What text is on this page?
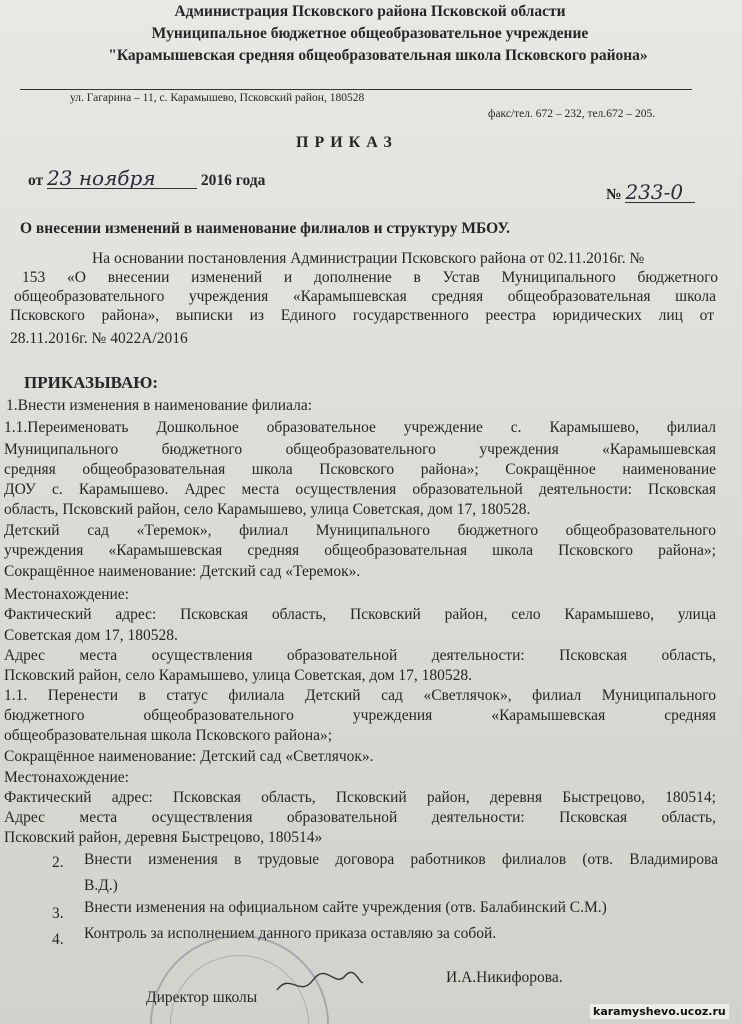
Администрация Псковского района Псковской области
Муниципальное бюджетное общеобразовательное учреждение
"Карамышевская средняя общеобразовательная школа Псковского района»
ул. Гагарина – 11, с. Карамышево, Псковский район, 180528
факс/тел. 672 – 232, тел.672 – 205.
ПРИКАЗ
от 23 ноября	2016 года
№ 233-0
О внесении изменений в наименование филиалов и структуру МБОУ.
На основании постановления Администрации Псковского района от 02.11.2016г. №
153 «О внесении изменений и дополнение в Устав Муниципального бюджетного
общеобразовательного учреждения «Карамышевская средняя общеобразовательная школа
Псковского района», выписки из Единого государственного реестра юридических лиц от
28.11.2016г. № 4022А/2016
ПРИКАЗЫВАЮ:
1.Внести изменения в наименование филиала:
1.1.Переименовать Дошкольное образовательное учреждение с. Карамышево, филиал
Муниципального бюджетного общеобразовательного учреждения «Карамышевская
средняя общеобразовательная школа Псковского района»; Сокращённое наименование
ДОУ с. Карамышево. Адрес места осуществления образовательной деятельности: Псковская
область, Псковский район, село Карамышево, улица Советская, дом 17, 180528.
Детский сад «Теремок», филиал Муниципального бюджетного общеобразовательного
учреждения «Карамышевская средняя общеобразовательная школа Псковского района»;
Сокращённое наименование: Детский сад «Теремок».
Местонахождение:
Фактический адрес: Псковская область, Псковский район, село Карамышево, улица
Советская дом 17, 180528.
Адрес места осуществления образовательной деятельности: Псковская область,
Псковский район, село Карамышево, улица Советская, дом 17, 180528.
1.1. Перенести в статус филиала Детский сад «Светлячок», филиал Муниципального
бюджетного общеобразовательного учреждения «Карамышевская средняя
общеобразовательная школа Псковского района»;
Сокращённое наименование: Детский сад «Светлячок».
Местонахождение:
Фактический адрес: Псковская область, Псковский район, деревня Быстрецово, 180514;
Адрес места осуществления образовательной деятельности: Псковская область,
Псковский район, деревня Быстрецово, 180514»
2. Внести изменения в трудовые договора работников филиалов (отв. Владимирова
В.Д.)
3. Внести изменения на официальном сайте учреждения (отв. Балабинский С.М.)
4. Контроль за исполнением данного приказа оставляю за собой.
Директор школы
И.А.Никифорова.
karamyshevo.ucoz.ru
